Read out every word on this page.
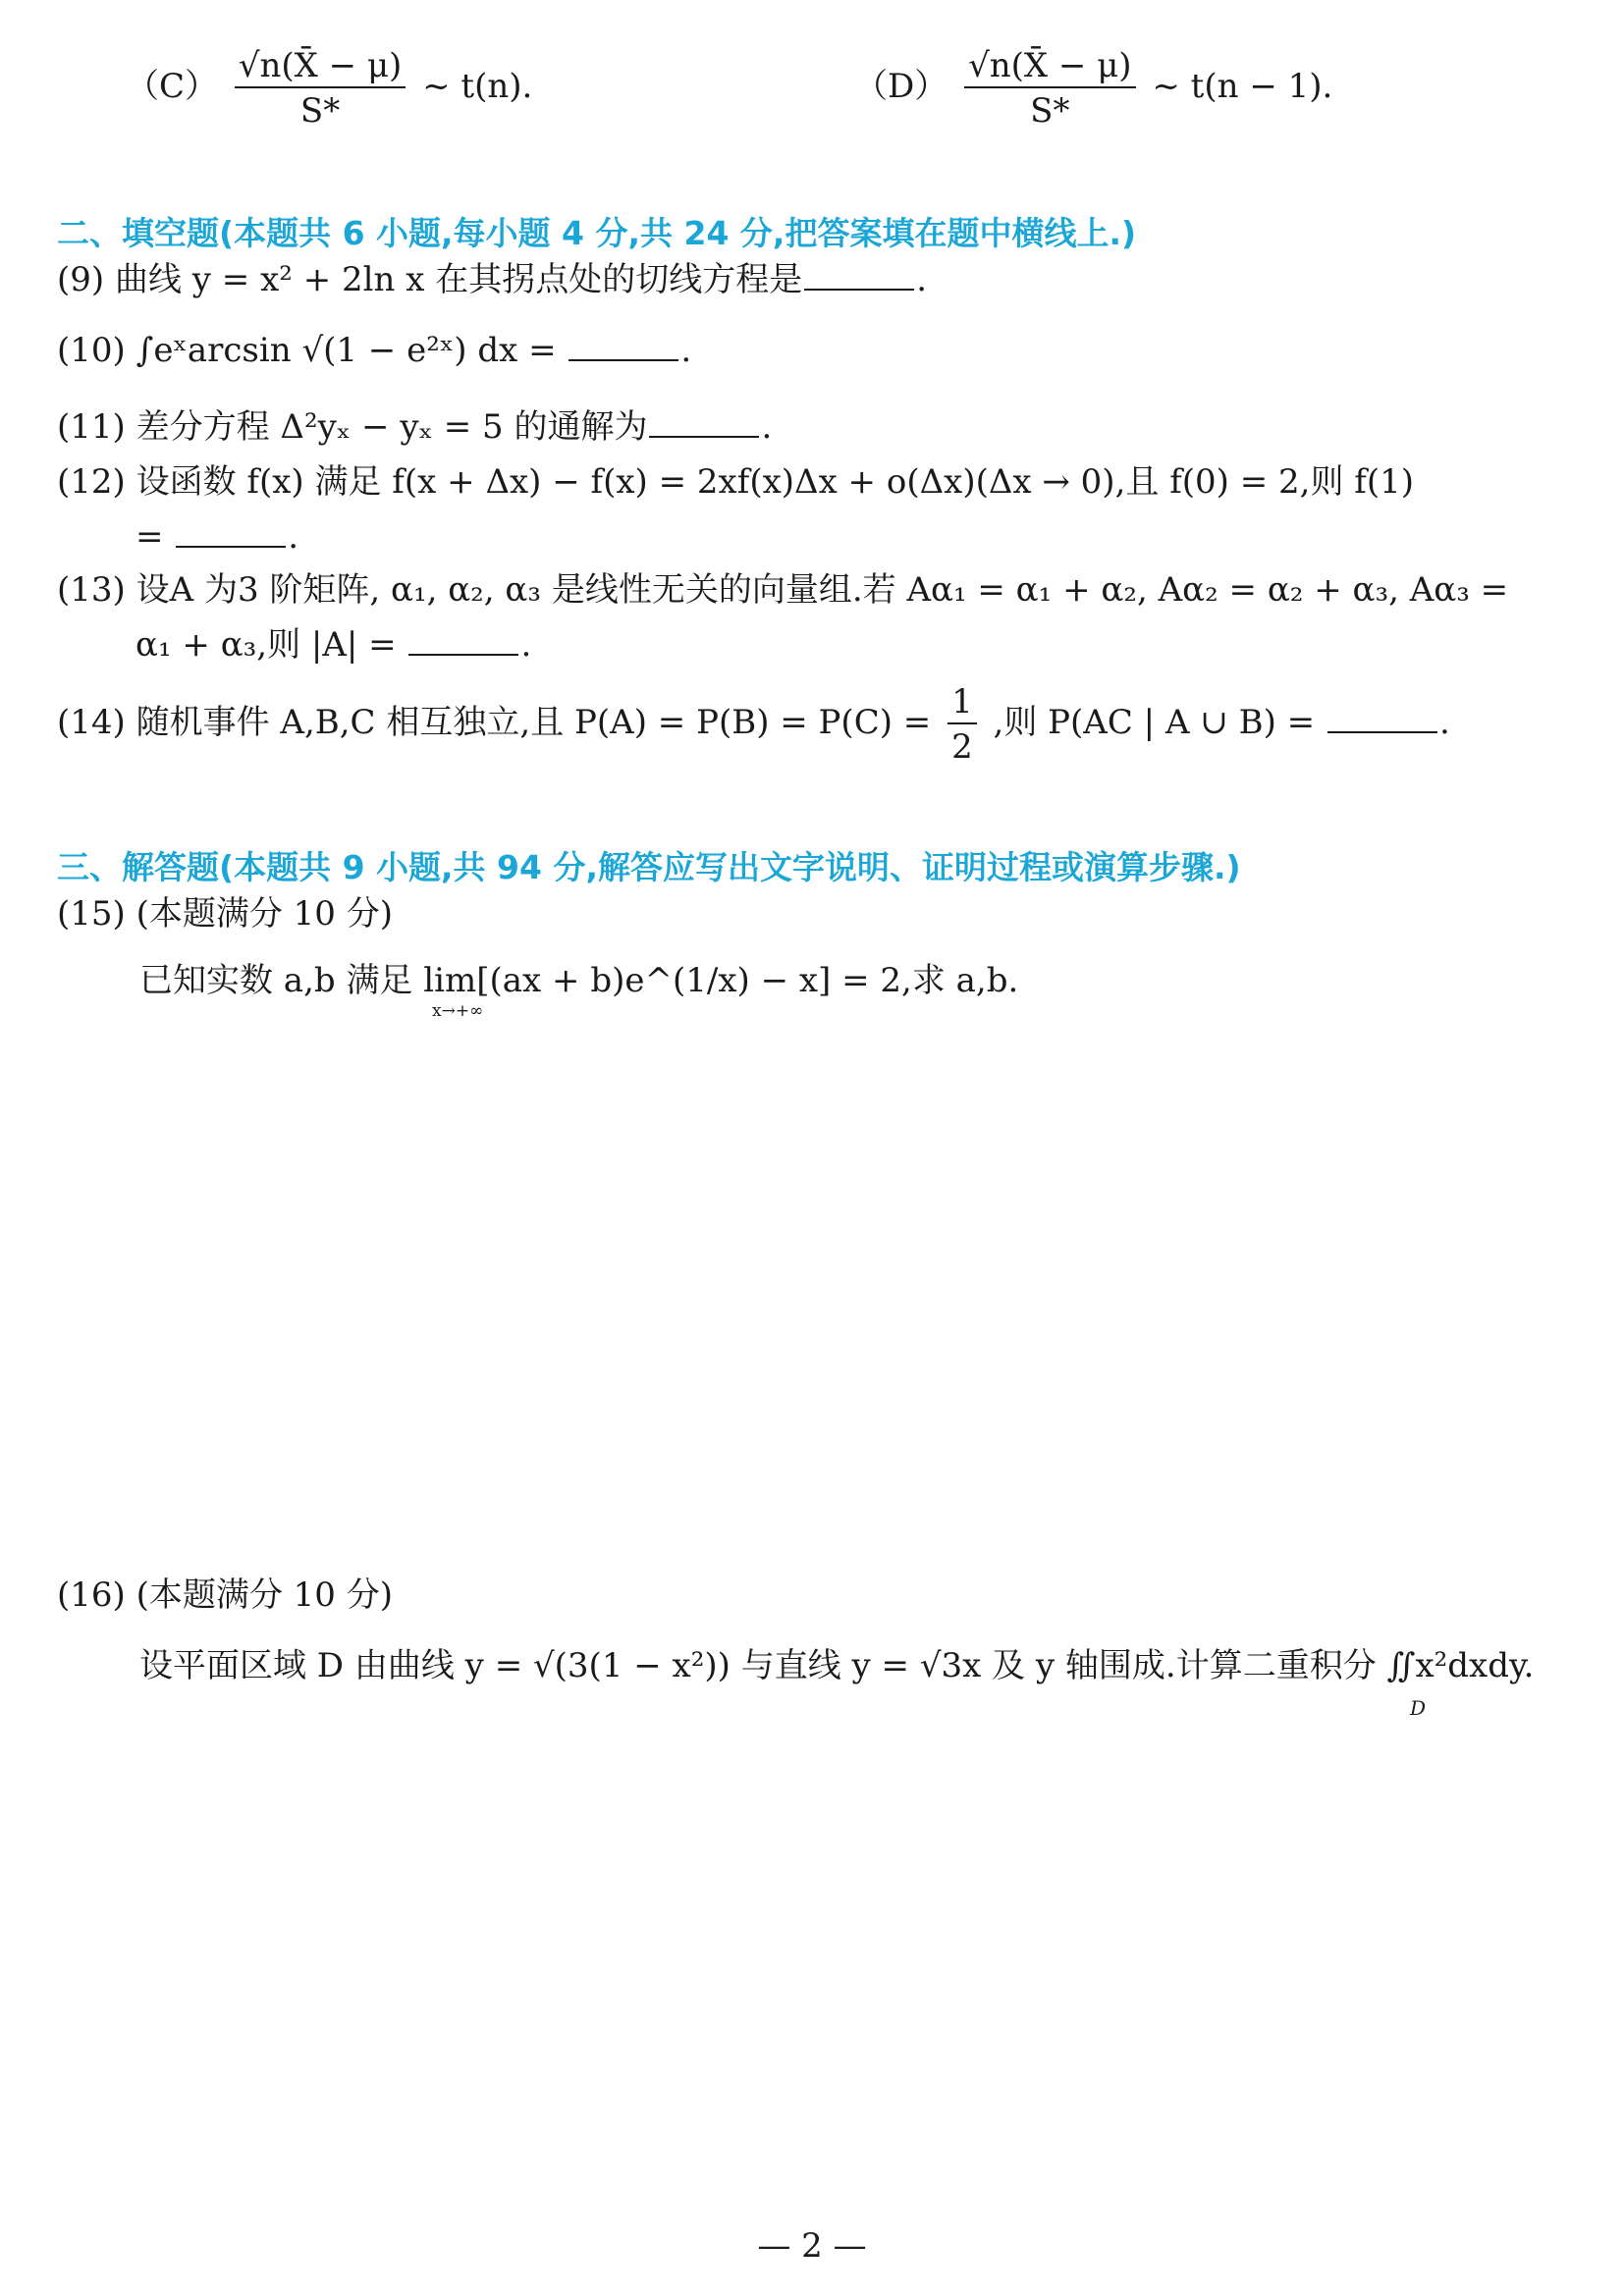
$(C) \frac{√n(X̄ - \mu)}{S*}$ ~ t(n).	$(D) \frac{√n(X̄ - \mu)}{S*}$ ~ t(n − 1).
二、填空题(本题共 6 小题,每小题 4 分,共 24 分,把答案填在题中横线上.)
(9) 曲线 y = x² + 2ln x 在其拐点处的切线方程是	.
(10) ∫eˣarcsin √(1 − e²ˣ) dx =	.
(11) 差分方程 Δ²yₓ − yₓ = 5 的通解为	.
(12) 设函数 f(x) 满足 f(x + Δx) − f(x) = 2xf(x)Δx + o(Δx)(Δx → 0),且 f(0) = 2,则 f(1)
=	.
(13) 设A 为3 阶矩阵, α₁, α₂, α₃ 是线性无关的向量组.若 Aα₁ = α₁ + α₂, Aα₂ = α₂ + α₃, Aα₃ =
α₁ + α₃,则 |A| =	.
(14) 随机事件 A,B,C 相互独立,且 $P(A) = P(B) = P(C) = \frac{1}{2}$ ,则 P(AC | A ∪ B) =	.
三、解答题(本题共 9 小题,共 94 分,解答应写出文字说明、证明过程或演算步骤.)
(15) (本题满分 10 分)
已知实数 a,b 满足 lim[(ax + b)e^(1/x) − x] = 2,求 a,b.
x→+∞
(16) (本题满分 10 分)
设平面区域 D 由曲线 y = √(3(1 − x²)) 与直线 y = √3x 及 y 轴围成.计算二重积分 ∬x²dxdy.
D
— 2 —
